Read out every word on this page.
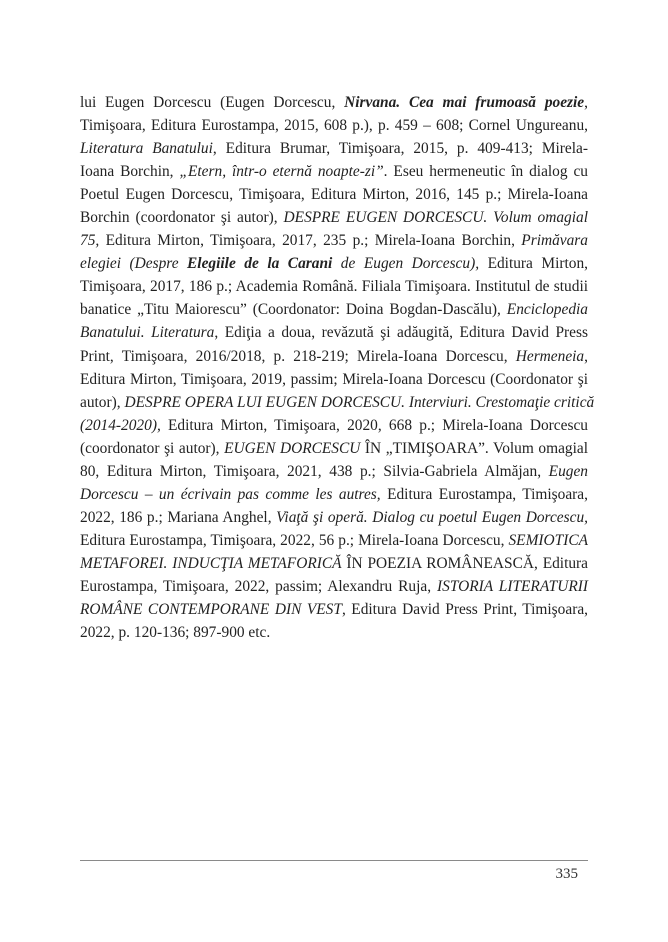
lui Eugen Dorcescu (Eugen Dorcescu, Nirvana. Cea mai frumoasă poezie,
Timişoara, Editura Eurostampa, 2015, 608 p.), p. 459 – 608; Cornel Ungureanu,
Literatura Banatului, Editura Brumar, Timişoara, 2015, p. 409-413; Mirela-
Ioana Borchin, „Etern, într-o eternă noapte-zi”. Eseu hermeneutic în dialog cu
Poetul Eugen Dorcescu, Timişoara, Editura Mirton, 2016, 145 p.; Mirela-Ioana
Borchin (coordonator şi autor), DESPRE EUGEN DORCESCU. Volum omagial
75, Editura Mirton, Timişoara, 2017, 235 p.; Mirela-Ioana Borchin, Primăvara
elegiei (Despre Elegiile de la Carani de Eugen Dorcescu), Editura Mirton,
Timişoara, 2017, 186 p.; Academia Română. Filiala Timişoara. Institutul de studii
banatice „Titu Maiorescu” (Coordonator: Doina Bogdan-Dascălu), Enciclopedia
Banatului. Literatura, Ediţia a doua, revăzută şi adăugită, Editura David Press
Print, Timişoara, 2016/2018, p. 218-219; Mirela-Ioana Dorcescu, Hermeneia,
Editura Mirton, Timişoara, 2019, passim; Mirela-Ioana Dorcescu (Coordonator şi
autor), DESPRE OPERA LUI EUGEN DORCESCU. Interviuri. Crestomaţie critică
(2014-2020), Editura Mirton, Timişoara, 2020, 668 p.; Mirela-Ioana Dorcescu
(coordonator şi autor), EUGEN DORCESCU ÎN „TIMIŞOARA”. Volum omagial
80, Editura Mirton, Timişoara, 2021, 438 p.; Silvia-Gabriela Almăjan, Eugen
Dorcescu – un écrivain pas comme les autres, Editura Eurostampa, Timişoara,
2022, 186 p.; Mariana Anghel, Viaţă şi operă. Dialog cu poetul Eugen Dorcescu,
Editura Eurostampa, Timişoara, 2022, 56 p.; Mirela-Ioana Dorcescu, SEMIOTICA
METAFOREI. INDUCŢIA METAFORICĂ ÎN POEZIA ROMÂNEASCĂ, Editura
Eurostampa, Timişoara, 2022, passim; Alexandru Ruja, ISTORIA LITERATURII
ROMÂNE CONTEMPORANE DIN VEST, Editura David Press Print, Timişoara,
2022, p. 120-136; 897-900 etc.
335
